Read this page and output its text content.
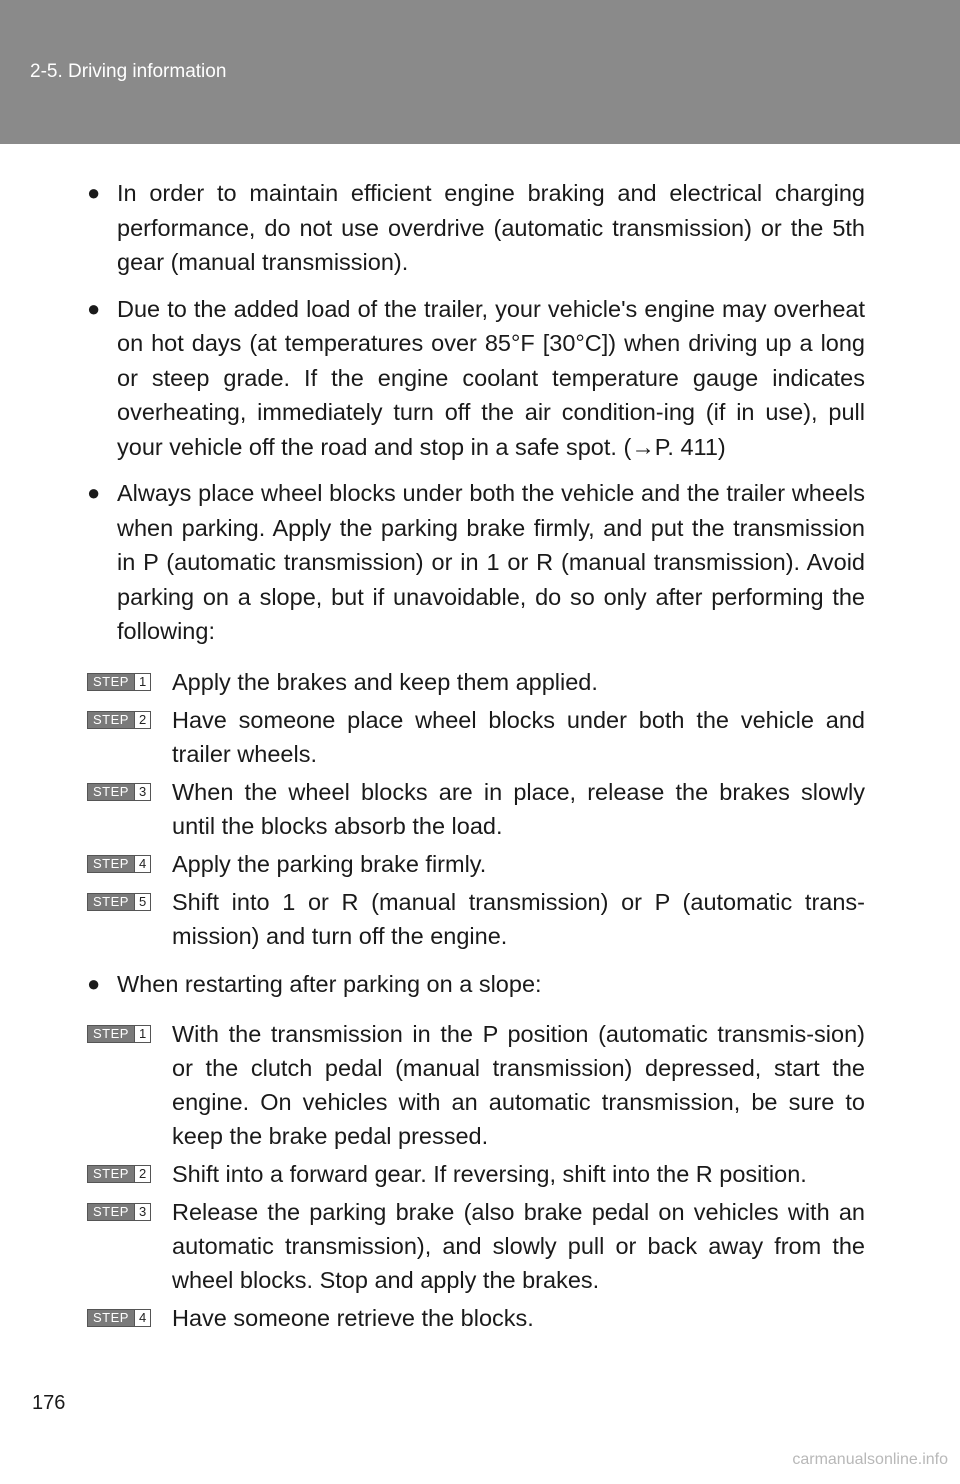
2-5. Driving information
● In order to maintain efficient engine braking and electrical charging performance, do not use overdrive (automatic transmission) or the 5th gear (manual transmission).
● Due to the added load of the trailer, your vehicle's engine may overheat on hot days (at temperatures over 85°F [30°C]) when driving up a long or steep grade. If the engine coolant temperature gauge indicates overheating, immediately turn off the air condition-ing (if in use), pull your vehicle off the road and stop in a safe spot. (→P. 411)
● Always place wheel blocks under both the vehicle and the trailer wheels when parking. Apply the parking brake firmly, and put the transmission in P (automatic transmission) or in 1 or R (manual transmission). Avoid parking on a slope, but if unavoidable, do so only after performing the following:
STEP 1 Apply the brakes and keep them applied.
STEP 2 Have someone place wheel blocks under both the vehicle and trailer wheels.
STEP 3 When the wheel blocks are in place, release the brakes slowly until the blocks absorb the load.
STEP 4 Apply the parking brake firmly.
STEP 5 Shift into 1 or R (manual transmission) or P (automatic trans-mission) and turn off the engine.
● When restarting after parking on a slope:
STEP 1 With the transmission in the P position (automatic transmis-sion) or the clutch pedal (manual transmission) depressed, start the engine. On vehicles with an automatic transmission, be sure to keep the brake pedal pressed.
STEP 2 Shift into a forward gear. If reversing, shift into the R position.
STEP 3 Release the parking brake (also brake pedal on vehicles with an automatic transmission), and slowly pull or back away from the wheel blocks. Stop and apply the brakes.
STEP 4 Have someone retrieve the blocks.
176
carmanualsonline.info
